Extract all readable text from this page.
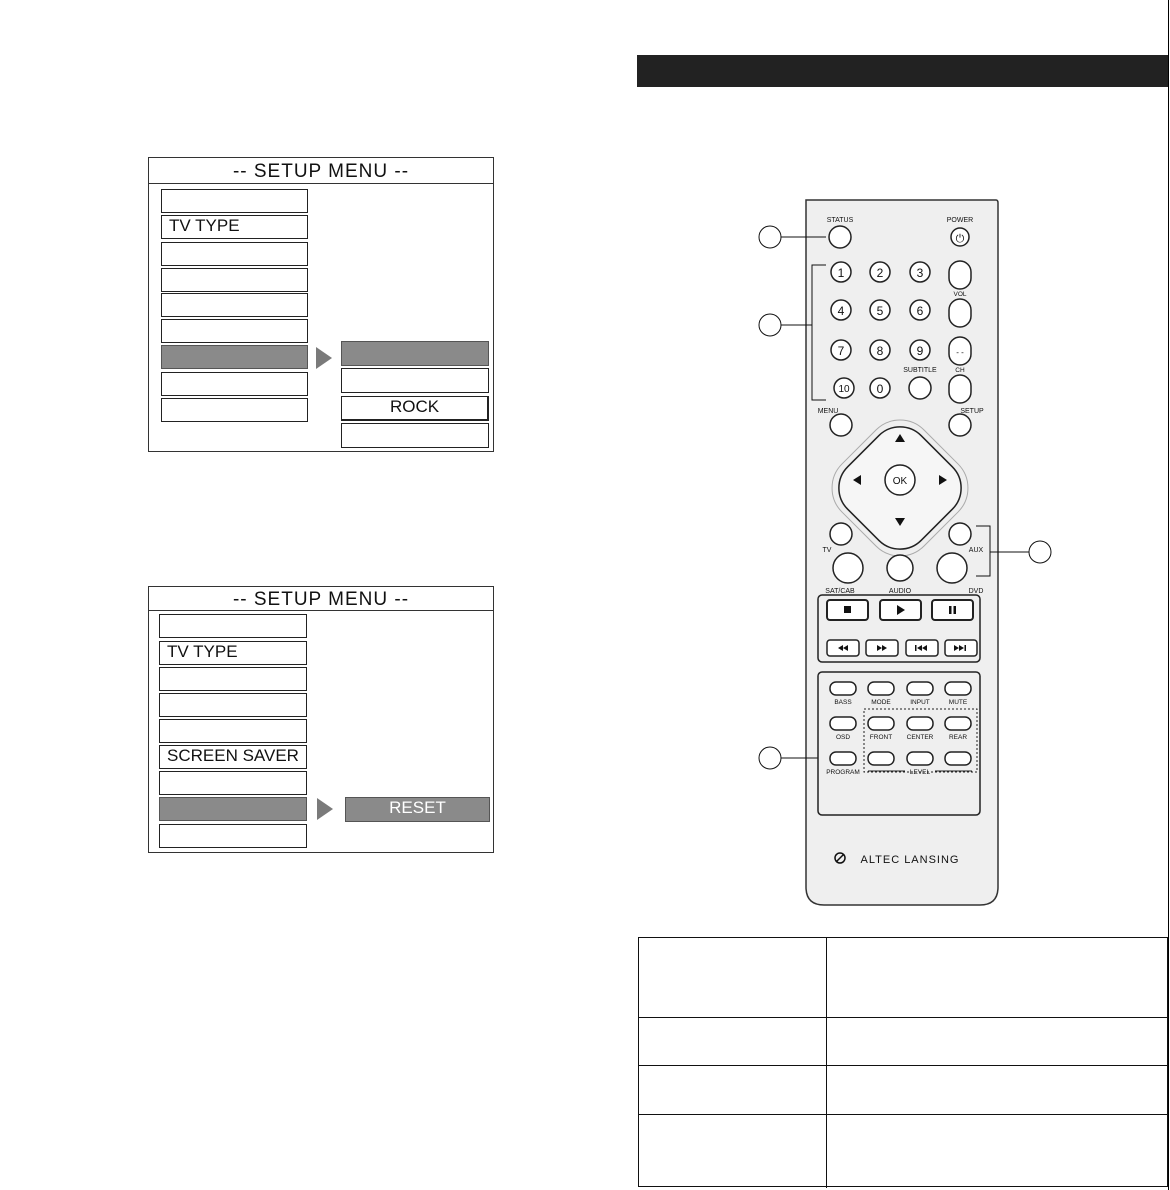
-- SETUP MENU --
TV TYPE
ROCK
-- SETUP MENU --
TV TYPE
SCREEN SAVER
RESET
STATUS	POWER
⏻
1	2	3
4	5	6
7	8	9
10 0
SUBTITLE
VOL
- -
CH
MENU	SETUP
OK
TV	AUX
SAT/CAB	AUDIO	DVD
BASS	MODE	INPUT	MUTE
OSD	FRONT CENTER REAR
PROGRAM	LEVEL
ALTEC LANSING
